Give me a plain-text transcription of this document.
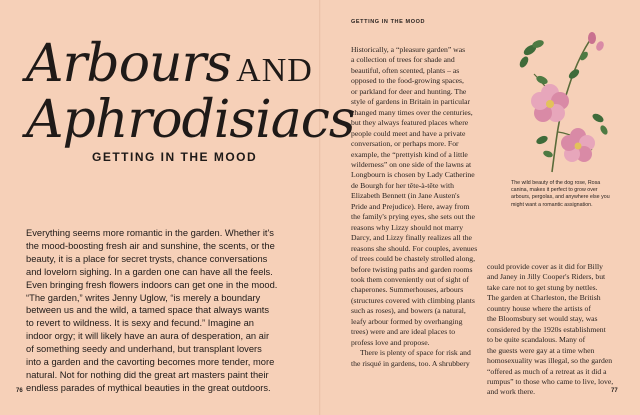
Arbours AND
Aphrodisiacs
GETTING IN THE MOOD

Everything seems more romantic in the garden. Whether it's

the mood-boosting fresh air and sunshine, the scents, or the

beauty, it is a place for secret trysts, chance conversations

and lovelorn sighing. In a garden one can have all the feels.

Even bringing fresh flowers indoors can get one in the mood.

“The garden,” writes Jenny Uglow, “is merely a boundary

between us and the wild, a tamed space that always wants

to revert to wildness. It is sexy and fecund.” Imagine an

indoor orgy; it will likely have an aura of desperation, an air

of something seedy and underhand, but transplant lovers

into a garden and the cavorting becomes more tender, more

natural. Not for nothing did the great art masters paint their

endless parades of mythical beauties in the great outdoors.

76
GETTING IN THE MOOD

Historically, a “pleasure garden” was

a collection of trees for shade and

beautiful, often scented, plants – as

opposed to the food-growing spaces,

or parkland for deer and hunting. The

style of gardens in Britain in particular

changed many times over the centuries,

but they always featured places where

people could meet and have a private

conversation, or perhaps more. For

example, the “prettyish kind of a little

wilderness” on one side of the lawns at

Longbourn is chosen by Lady Catherine

de Bourgh for her tête-à-tête with

Elizabeth Bennett (in Jane Austen's

Pride and Prejudice). Here, away from

the family's prying eyes, she sets out the

reasons why Lizzy should not marry

Darcy, and Lizzy finally realizes all the

reasons she should. For couples, avenues

of trees could be chastely strolled along,

before twisting paths and garden rooms

took them conveniently out of sight of

chaperones. Summerhouses, arbours

(structures covered with climbing plants

such as roses), and bowers (a natural,

leafy arbour formed by overhanging

trees) were and are ideal places to

profess love and propose.

There is plenty of space for risk and

the risqué in gardens, too. A shrubbery

The wild beauty of the dog rose, Rosa
canina, makes it perfect to grow over
arbours, pergolas, and anywhere else you
might want a romantic assignation.

could provide cover as it did for Billy

and Janey in Jilly Cooper's Riders, but

take care not to get stung by nettles.

The garden at Charleston, the British

country house where the artists of

the Bloomsbury set would stay, was

considered by the 1920s establishment

to be quite scandalous. Many of

the guests were gay at a time when

homosexuality was illegal, so the garden

“offered as much of a retreat as it did a

rumpus” to those who came to live, love,

and work there.	77
